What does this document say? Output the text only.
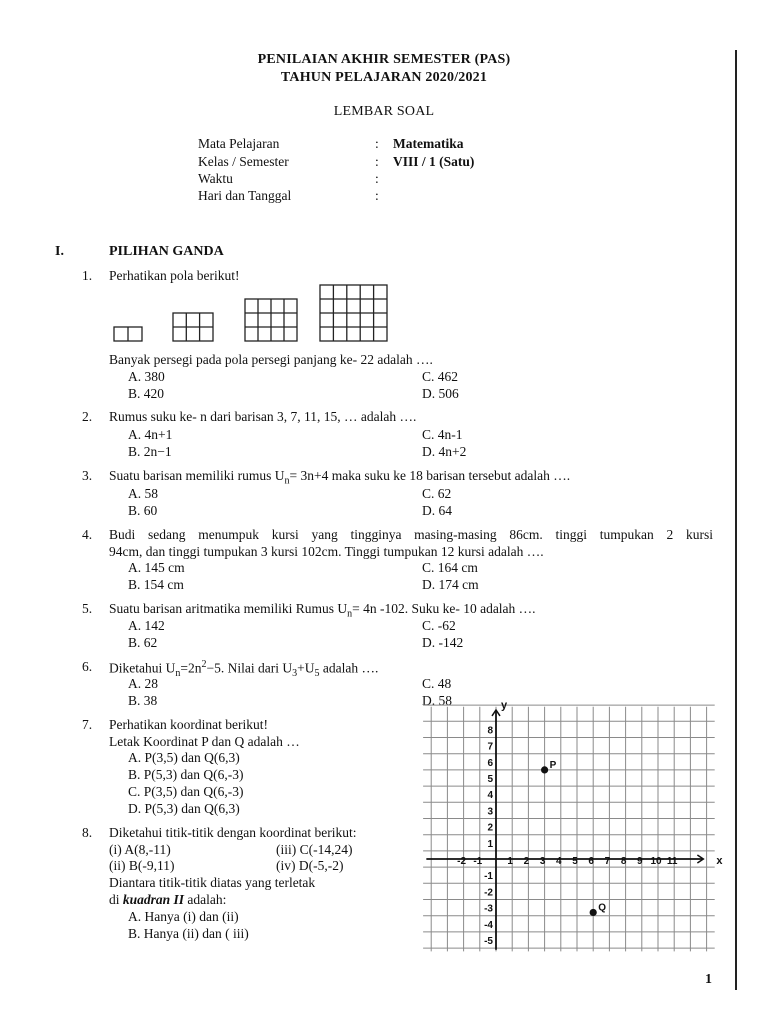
PENILAIAN AKHIR SEMESTER (PAS)
TAHUN PELAJARAN 2020/2021
LEMBAR SOAL
Mata Pelajaran	: Matematika
Kelas / Semester	: VIII / 1 (Satu)
Waktu	:
Hari dan Tanggal	:
I.	PILIHAN GANDA
1. Perhatikan pola berikut!
Banyak persegi pada pola persegi panjang ke- 22 adalah ….
A. 380	C. 462
B. 420	D. 506
2. Rumus suku ke- n dari barisan 3, 7, 11, 15, … adalah ….
A. 4n+1	C. 4n-1
B. 2n−1	D. 4n+2
3. Suatu barisan memiliki rumus $U_n= 3n+4$ maka suku ke 18 barisan tersebut adalah ….
A. 58	C. 62
B. 60	D. 64
4. Budi sedang menumpuk kursi yang tingginya masing-masing 86cm. tinggi tumpukan 2 kursi
94cm, dan tinggi tumpukan 3 kursi 102cm. Tinggi tumpukan 12 kursi adalah ….
A. 145 cm	C. 164 cm
B. 154 cm	D. 174 cm
5. Suatu barisan aritmatika memiliki Rumus $U_n= 4n$ -102. Suku ke- 10 adalah ….
A. 142	C. -62
B. 62	D. -142
6. Diketahui $U_n=2n^2-5$. Nilai dari $U_3+U_5$ adalah ….
A. 28	C. 48
B. 38	D. 58
7. Perhatikan koordinat berikut!
Letak Koordinat P dan Q adalah …
A. P(3,5) dan Q(6,3)
B. P(5,3) dan Q(6,-3)
C. P(3,5) dan Q(6,-3)
D. P(5,3) dan Q(6,3)
8. Diketahui titik-titik dengan koordinat berikut:
(i) A(8,-11)	(iii) C(-14,24)
(ii) B(-9,11)	(iv) D(-5,-2)
Diantara titik-titik diatas yang terletak
di kuadran II adalah:
A. Hanya (i) dan (ii)
B. Hanya (ii) dan ( iii)
x
y
-2 -1	1 2 3 4 5 6 7 8 9 10 11
8
7
6
5
4
3
2
1
-1
-2
-3
-4
-5
P
Q
1
